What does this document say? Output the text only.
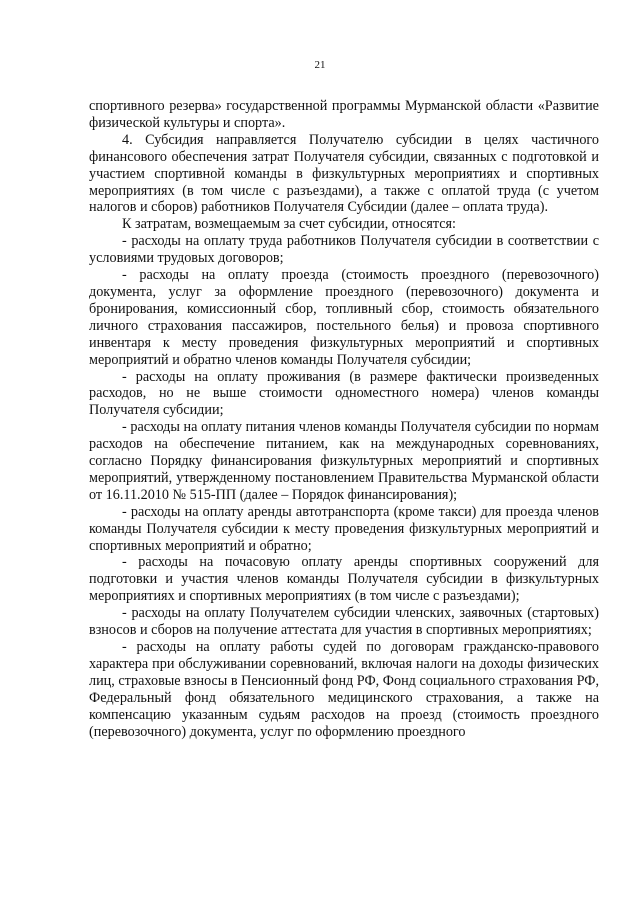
21

спортивного резерва» государственной программы Мурманской области «Развитие физической культуры и спорта».

4. Субсидия направляется Получателю субсидии в целях частичного финансового обеспечения затрат Получателя субсидии, связанных с подготовкой и участием спортивной команды в физкультурных мероприятиях и спортивных мероприятиях (в том числе с разъездами), а также с оплатой труда (с учетом налогов и сборов) работников Получателя Субсидии (далее – оплата труда).

К затратам, возмещаемым за счет субсидии, относятся:

- расходы на оплату труда работников Получателя субсидии в соответствии с условиями трудовых договоров;

- расходы на оплату проезда (стоимость проездного (перевозочного) документа, услуг за оформление проездного (перевозочного) документа и бронирования, комиссионный сбор, топливный сбор, стоимость обязательного личного страхования пассажиров, постельного белья) и провоза спортивного инвентаря к месту проведения физкультурных мероприятий и спортивных мероприятий и обратно членов команды Получателя субсидии;

- расходы на оплату проживания (в размере фактически произведенных расходов, но не выше стоимости одноместного номера) членов команды Получателя субсидии;

- расходы на оплату питания членов команды Получателя субсидии по нормам расходов на обеспечение питанием, как на международных соревнованиях, согласно Порядку финансирования физкультурных мероприятий и спортивных мероприятий, утвержденному постановлением Правительства Мурманской области от 16.11.2010 № 515-ПП (далее – Порядок финансирования);

- расходы на оплату аренды автотранспорта (кроме такси) для проезда членов команды Получателя субсидии к месту проведения физкультурных мероприятий и спортивных мероприятий и обратно;

- расходы на почасовую оплату аренды спортивных сооружений для подготовки и участия членов команды Получателя субсидии в физкультурных мероприятиях и спортивных мероприятиях (в том числе с разъездами);

- расходы на оплату Получателем субсидии членских, заявочных (стартовых) взносов и сборов на получение аттестата для участия в спортивных мероприятиях;

- расходы на оплату работы судей по договорам гражданско-правового характера при обслуживании соревнований, включая налоги на доходы физических лиц, страховые взносы в Пенсионный фонд РФ, Фонд социального страхования РФ, Федеральный фонд обязательного медицинского страхования, а также на компенсацию указанным судьям расходов на проезд (стоимость проездного (перевозочного) документа, услуг по оформлению проездного
